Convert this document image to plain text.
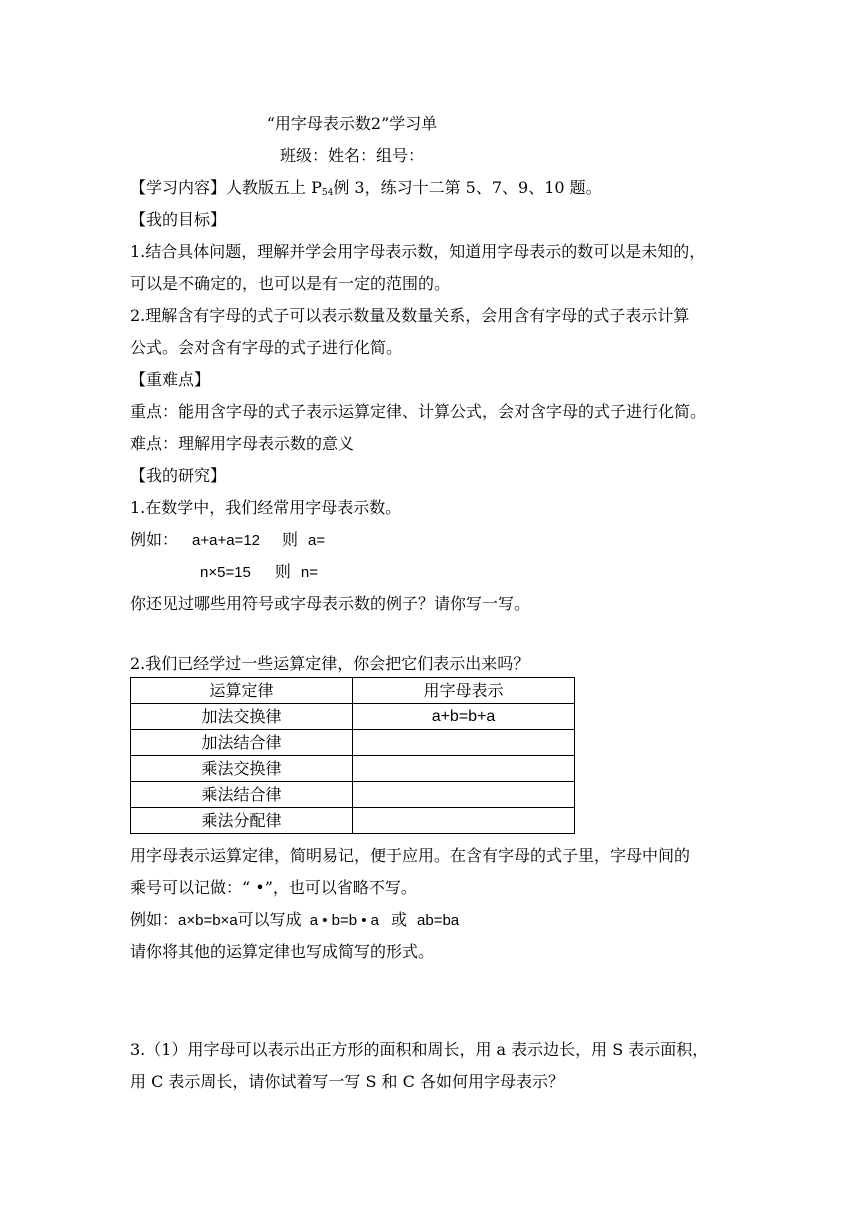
“用字母表示数2”学习单
班级：姓名：组号：
【学习内容】人教版五上 $P_{54}$例 3，练习十二第 5、7、9、10 题。
【我的目标】
1.结合具体问题，理解并学会用字母表示数，知道用字母表示的数可以是未知的，
可以是不确定的，也可以是有一定的范围的。
2.理解含有字母的式子可以表示数量及数量关系，会用含有字母的式子表示计算
公式。会对含有字母的式子进行化简。
【重难点】
重点：能用含字母的式子表示运算定律、计算公式，会对含字母的式子进行化简。
难点：理解用字母表示数的意义
【我的研究】
1.在数学中，我们经常用字母表示数。
例如： a+a+a=12 则 a=
n×5=15 则 n=
你还见过哪些用符号或字母表示数的例子？请你写一写。
2.我们已经学过一些运算定律，你会把它们表示出来吗？
运算定律	用字母表示
加法交换律	a+b=b+a
加法结合律	
乘法交换律	
乘法结合律	
乘法分配律	
用字母表示运算定律，简明易记，便于应用。在含有字母的式子里，字母中间的
乘号可以记做：“ •”，也可以省略不写。
例如：a×b=b×a可以写成 a • b=b • a 或 ab=ba
请你将其他的运算定律也写成简写的形式。
3.（1）用字母可以表示出正方形的面积和周长，用 a 表示边长，用 S 表示面积，
用 C 表示周长，请你试着写一写 S 和 C 各如何用字母表示？
